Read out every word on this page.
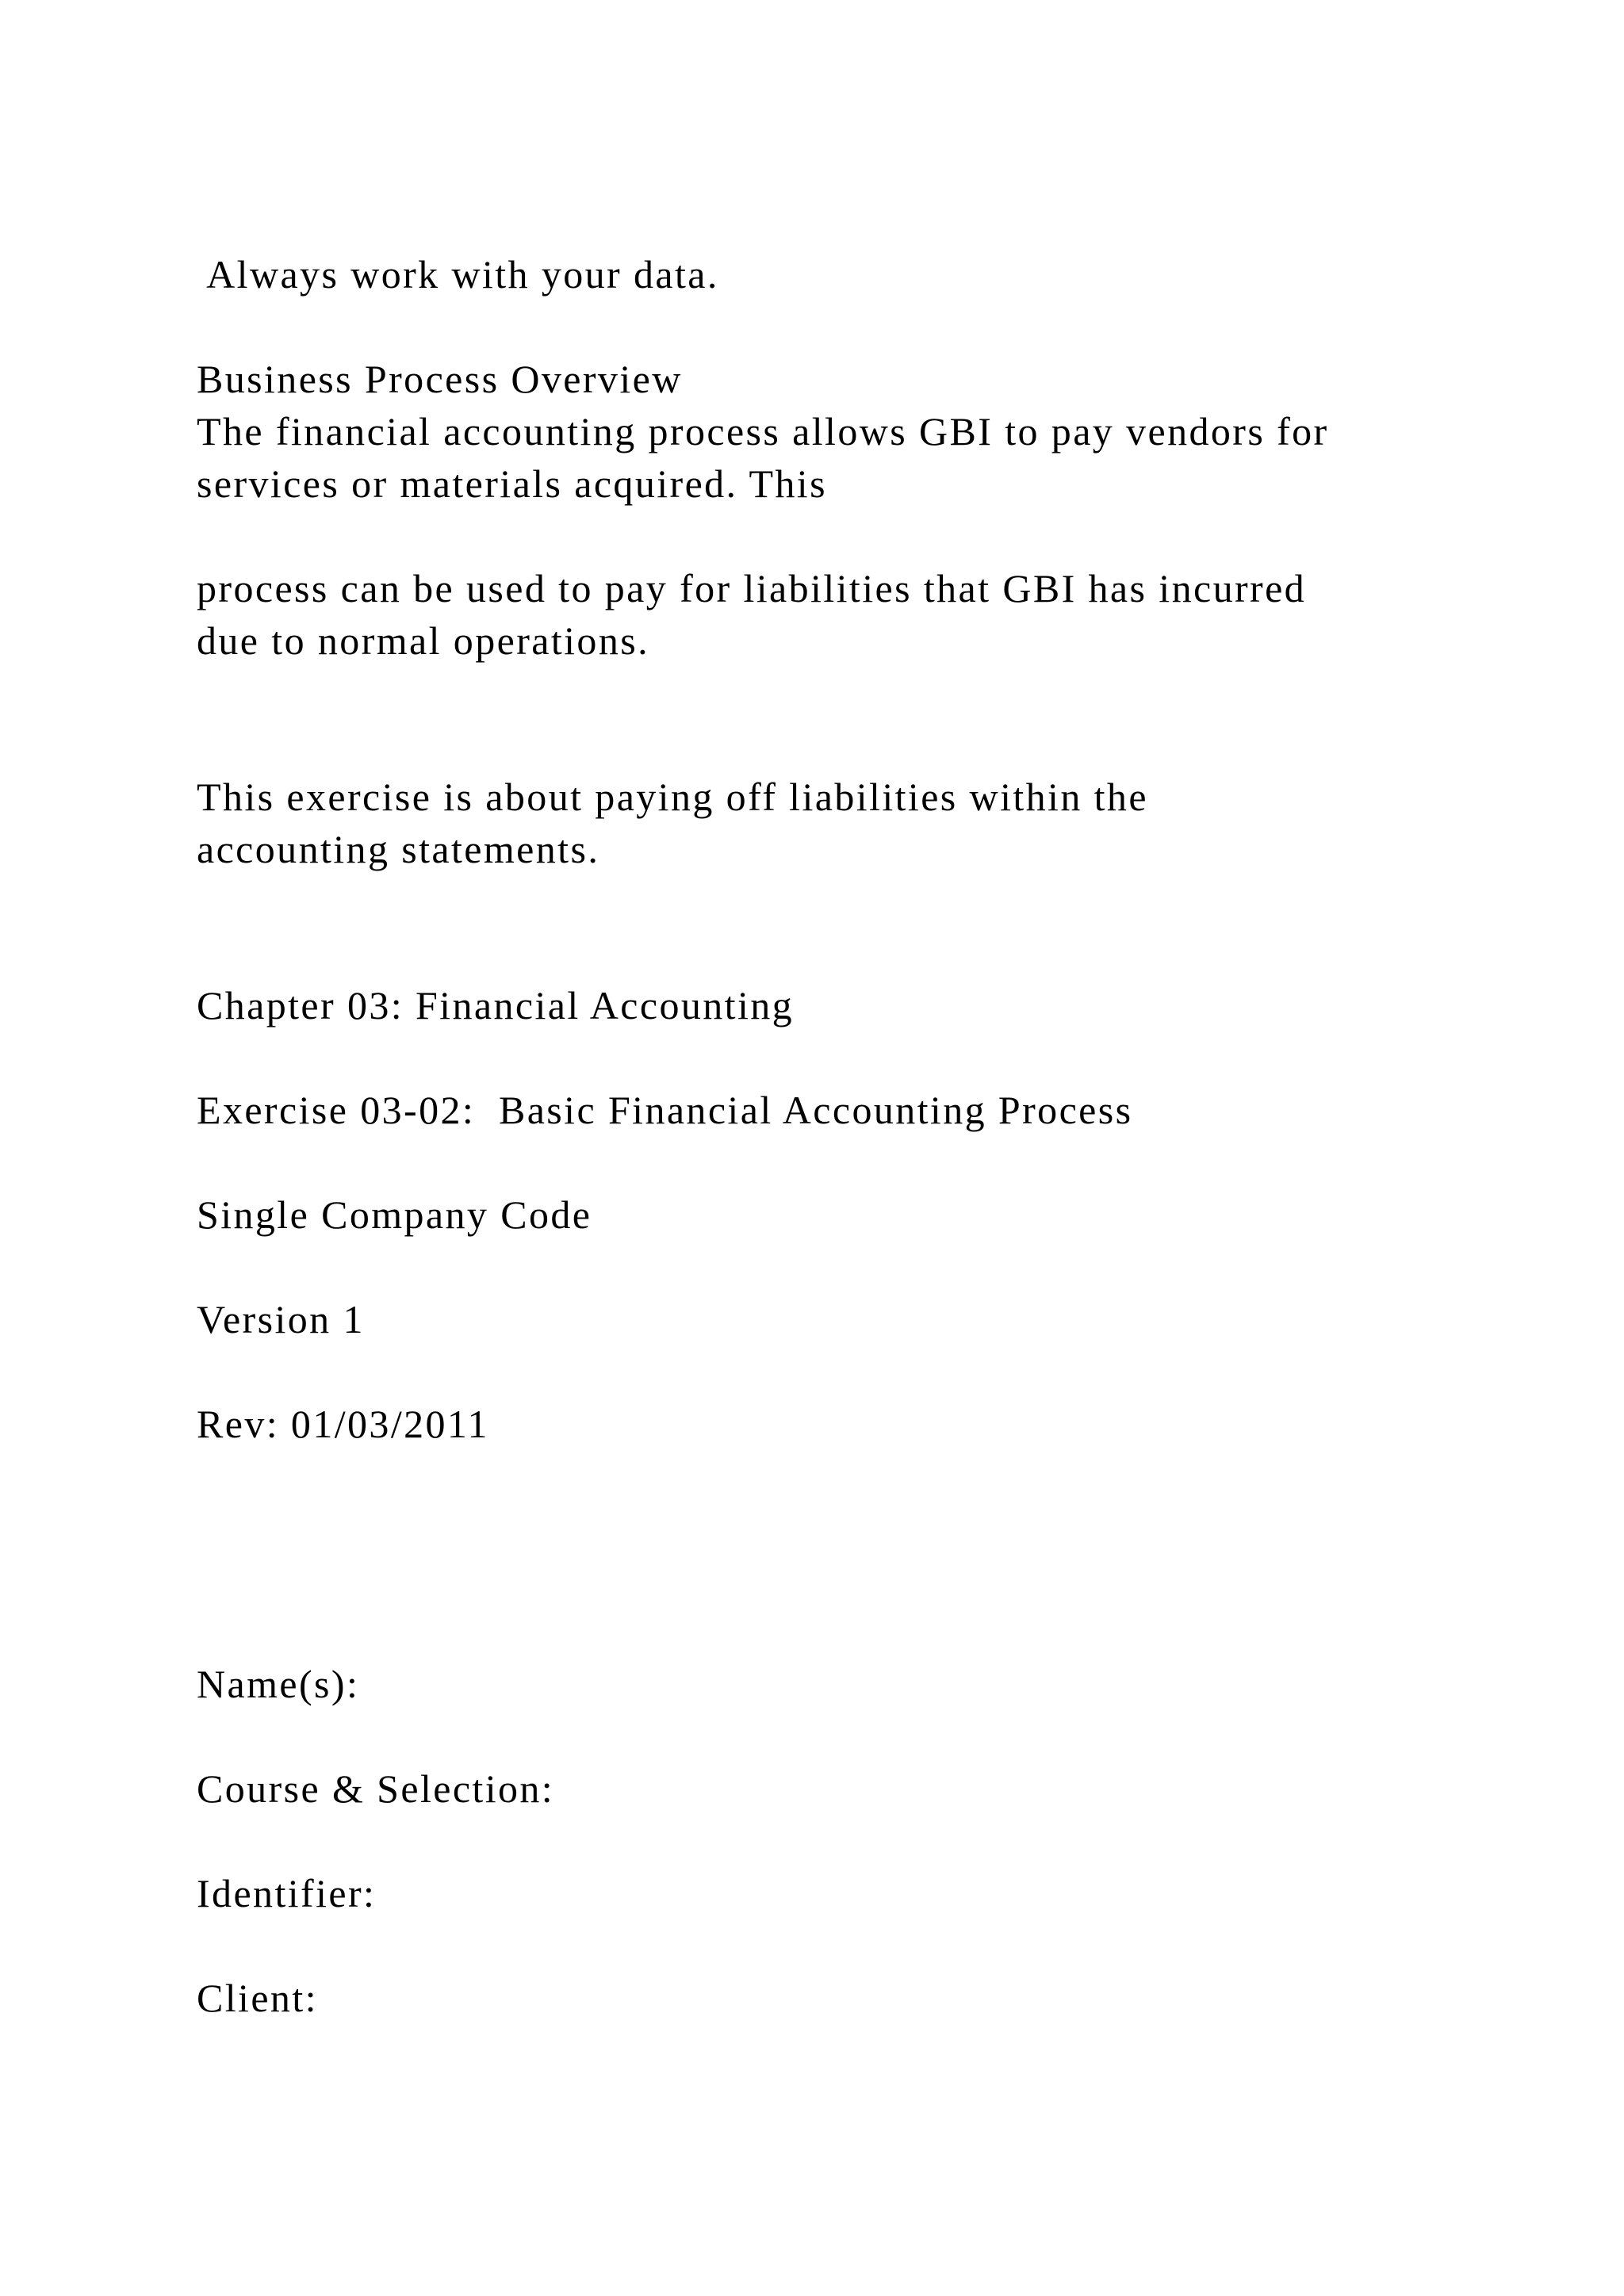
Always work with your data.
Business Process Overview
The financial accounting process allows GBI to pay vendors for
services or materials acquired. This
process can be used to pay for liabilities that GBI has incurred
due to normal operations.
This exercise is about paying off liabilities within the
accounting statements.
Chapter 03: Financial Accounting
Exercise 03-02:  Basic Financial Accounting Process
Single Company Code
Version 1
Rev: 01/03/2011
Name(s):
Course & Selection:
Identifier:
Client:
